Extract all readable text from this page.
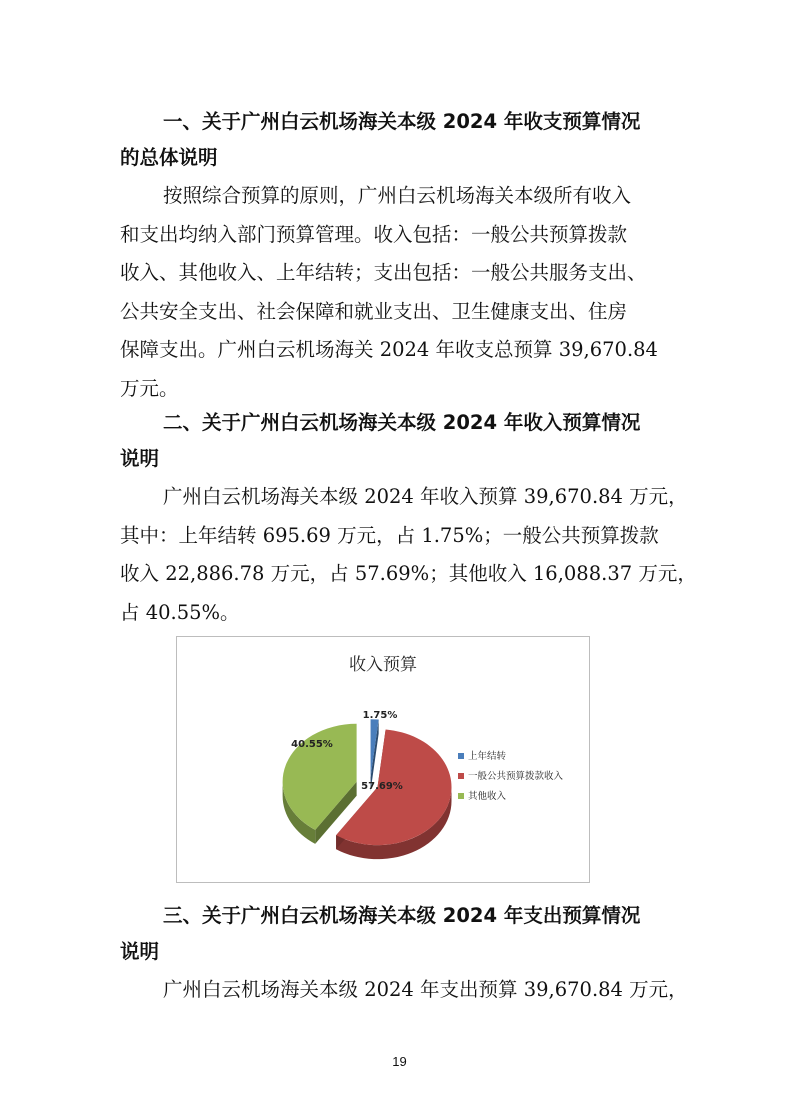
一、关于广州白云机场海关本级 2024 年收支预算情况
的总体说明
按照综合预算的原则，广州白云机场海关本级所有收入
和支出均纳入部门预算管理。收入包括：一般公共预算拨款
收入、其他收入、上年结转；支出包括：一般公共服务支出、
公共安全支出、社会保障和就业支出、卫生健康支出、住房
保障支出。广州白云机场海关 2024 年收支总预算 39,670.84
万元。
二、关于广州白云机场海关本级 2024 年收入预算情况
说明
广州白云机场海关本级 2024 年收入预算 39,670.84 万元，
其中：上年结转 695.69 万元，占 1.75%；一般公共预算拨款
收入 22,886.78 万元，占 57.69%；其他收入 16,088.37 万元，
占 40.55%。
收入预算
1.75%
57.69%
40.55%
上年结转
一般公共预算拨款收入
其他收入
三、关于广州白云机场海关本级 2024 年支出预算情况
说明
广州白云机场海关本级 2024 年支出预算 39,670.84 万元，
19
